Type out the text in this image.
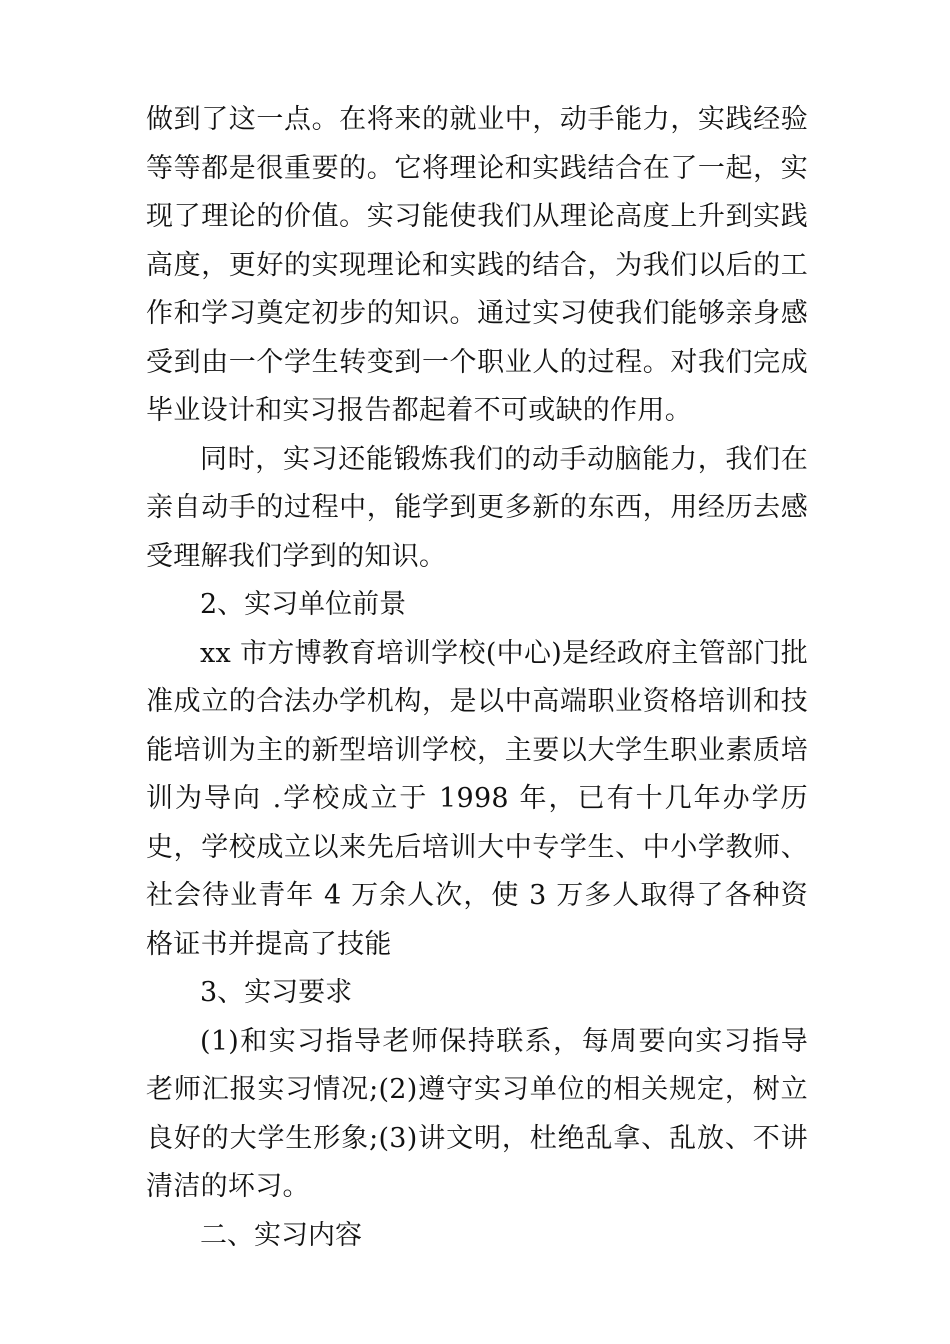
做到了这一点。在将来的就业中，动手能力，实践经验等等都是很重要的。它将理论和实践结合在了一起，实现了理论的价值。实习能使我们从理论高度上升到实践高度，更好的实现理论和实践的结合，为我们以后的工作和学习奠定初步的知识。通过实习使我们能够亲身感受到由一个学生转变到一个职业人的过程。对我们完成毕业设计和实习报告都起着不可或缺的作用。

同时，实习还能锻炼我们的动手动脑能力，我们在亲自动手的过程中，能学到更多新的东西，用经历去感受理解我们学到的知识。

2、实习单位前景

xx 市方博教育培训学校(中心)是经政府主管部门批准成立的合法办学机构，是以中高端职业资格培训和技能培训为主的新型培训学校，主要以大学生职业素质培训为导向 .学校成立于 1998 年，已有十几年办学历史，学校成立以来先后培训大中专学生、中小学教师、社会待业青年 4 万余人次，使 3 万多人取得了各种资格证书并提高了技能

3、实习要求

(1)和实习指导老师保持联系，每周要向实习指导老师汇报实习情况;(2)遵守实习单位的相关规定，树立良好的大学生形象;(3)讲文明，杜绝乱拿、乱放、不讲清洁的坏习。

二、实习内容
